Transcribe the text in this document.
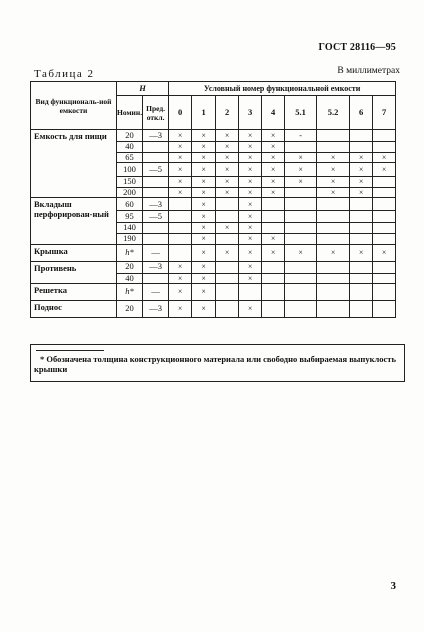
ГОСТ 28116—95
Таблица 2	В миллиметрах
Вид функциональ-ной емкости	H		Условный номер функциональной емкости								
	Номин.	Пред. откл.	0	1	2	3	4	5.1	5.2	6	7
Емкость для пищи	20	—3	×	×	×	×	×	-			
	40		×	×	×	×	×				
	65		×	×	×	×	×	×	×	×	×
	100	—5	×	×	×	×	×	×	×	×	×
	150		×	×	×	×	×	×	×	×	
	200		×	×	×	×	×		×	×	
Вкладыш перфорирован-ный	60	—3		×		×					
	95	—5		×		×					
	140			×	×	×					
	190			×		×	×				
Крышка	h*	—		×	×	×	×	×	×	×	×
Противень	20	—3	×	×		×					
	40		×	×		×					
Решетка	h*	—	×	×							
Поднос	20	—3	×	×		×					
* Обозначена толщина конструкционного материала или свободно выбираемая выпуклость крышки
3
